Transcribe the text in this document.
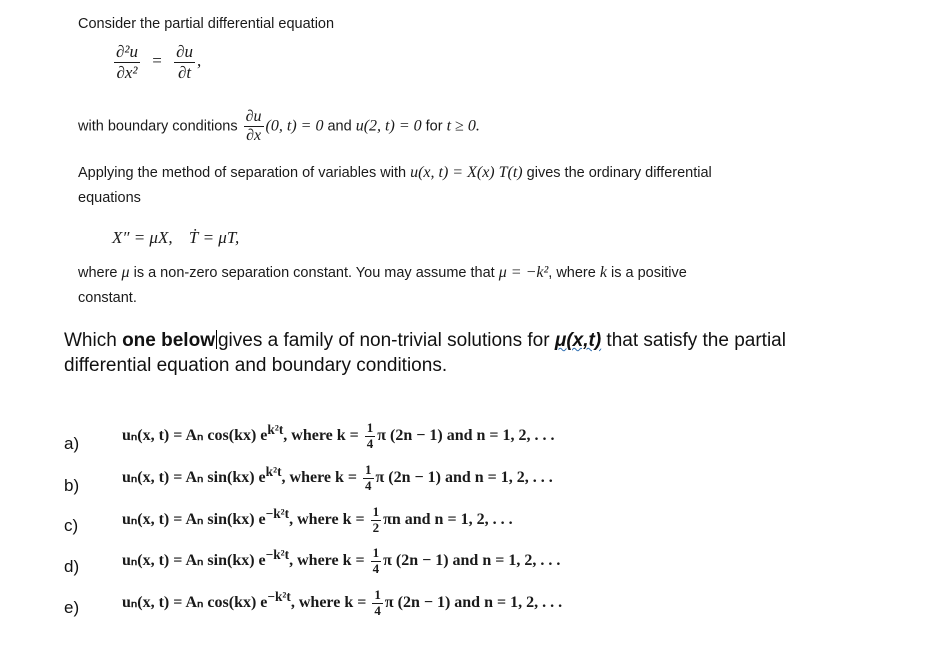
Consider the partial differential equation
$\frac{\text{∂²u}}{\text{∂x²}} = \frac{\partial u}{\partial t}$ ,
with boundary conditions $\frac{\partial u}{\partial x} (0$, t) = 0 and u(2, t) = 0 for t ≥ 0.
Applying the method of separation of variables with u(x, t) = X(x) T(t) gives the ordinary differential
equations
X″ = μX, Ṫ = μT,
where μ is a non-zero separation constant. You may assume that μ = −k², where k is a positive
constant.
Which one below gives a family of non-trivial solutions for μ(x,t) that satisfy the partial
differential equation and boundary conditions.
a)	uₙ(x, t) = Aₙ cos(kx) $e^{k^2t}$, where $k = \frac{1}{4}$ π (2n − 1) and n = 1, 2, . . .
b)	uₙ(x, t) = Aₙ sin(kx) $e^{k^2t}$, where $k = \frac{1}{4}$ π (2n − 1) and n = 1, 2, . . .
c)	uₙ(x, t) = Aₙ sin(kx) $e^{-k^2t}$, where $k = \frac{1}{2}$ πn and n = 1, 2, . . .
d)	uₙ(x, t) = Aₙ sin(kx) $e^{-k^2t}$, where $k = \frac{1}{4}$ π (2n − 1) and n = 1, 2, . . .
e)	uₙ(x, t) = Aₙ cos(kx) $e^{-k^2t}$, where $k = \frac{1}{4}$ π (2n − 1) and n = 1, 2, . . .
